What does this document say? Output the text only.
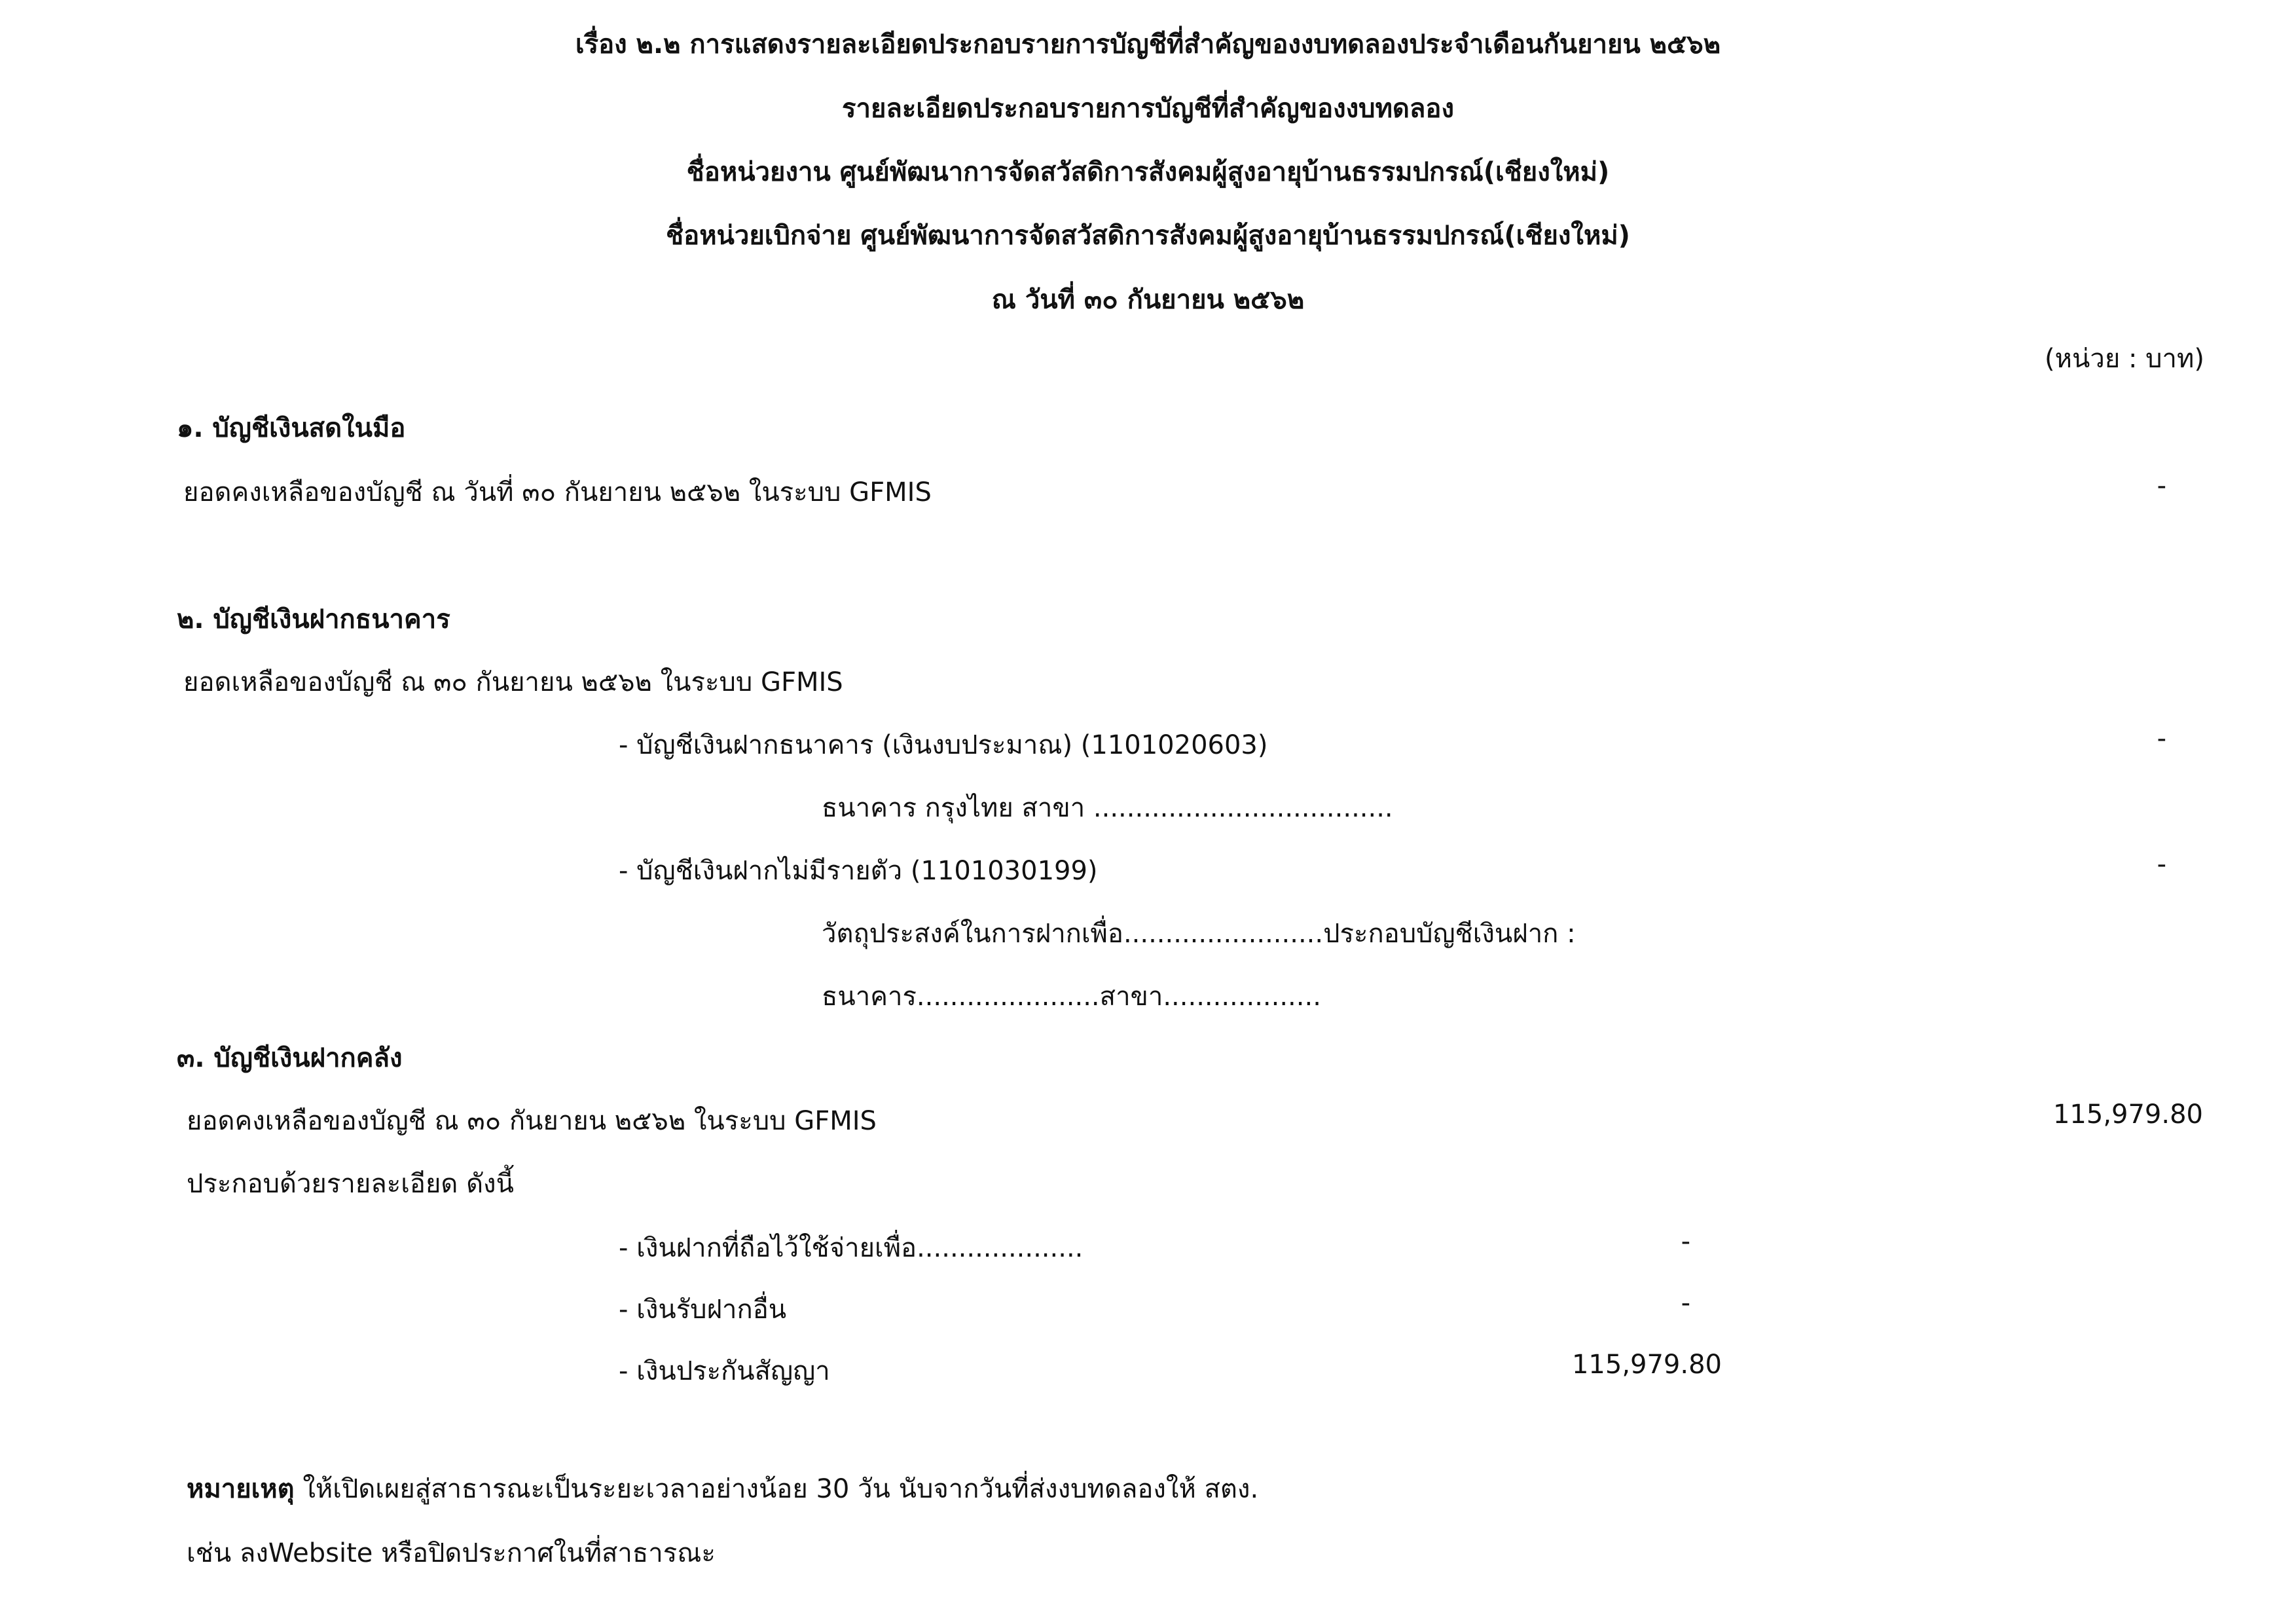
เรื่อง ๒.๒ การแสดงรายละเอียดประกอบรายการบัญชีที่สำคัญของงบทดลองประจำเดือนกันยายน ๒๕๖๒
รายละเอียดประกอบรายการบัญชีที่สำคัญของงบทดลอง
ชื่อหน่วยงาน ศูนย์พัฒนาการจัดสวัสดิการสังคมผู้สูงอายุบ้านธรรมปกรณ์(เชียงใหม่)
ชื่อหน่วยเบิกจ่าย ศูนย์พัฒนาการจัดสวัสดิการสังคมผู้สูงอายุบ้านธรรมปกรณ์(เชียงใหม่)
ณ วันที่ ๓๐ กันยายน ๒๕๖๒
(หน่วย : บาท)
๑. บัญชีเงินสดในมือ
ยอดคงเหลือของบัญชี ณ วันที่ ๓๐ กันยายน ๒๕๖๒ ในระบบ GFMIS	-
๒. บัญชีเงินฝากธนาคาร
ยอดเหลือของบัญชี ณ ๓๐ กันยายน ๒๕๖๒ ในระบบ GFMIS
- บัญชีเงินฝากธนาคาร (เงินงบประมาณ) (1101020603)	-
ธนาคาร กรุงไทย สาขา ....................................
- บัญชีเงินฝากไม่มีรายตัว (1101030199)	-
วัตถุประสงค์ในการฝากเพื่อ........................ประกอบบัญชีเงินฝาก :
ธนาคาร......................สาขา...................
๓. บัญชีเงินฝากคลัง
ยอดคงเหลือของบัญชี ณ ๓๐ กันยายน ๒๕๖๒ ในระบบ GFMIS	115,979.80
ประกอบด้วยรายละเอียด ดังนี้
- เงินฝากที่ถือไว้ใช้จ่ายเพื่อ....................	-
- เงินรับฝากอื่น	-
- เงินประกันสัญญา	115,979.80
หมายเหตุ ให้เปิดเผยสู่สาธารณะเป็นระยะเวลาอย่างน้อย 30 วัน นับจากวันที่ส่งงบทดลองให้ สตง.
เช่น ลงWebsite หรือปิดประกาศในที่สาธารณะ
